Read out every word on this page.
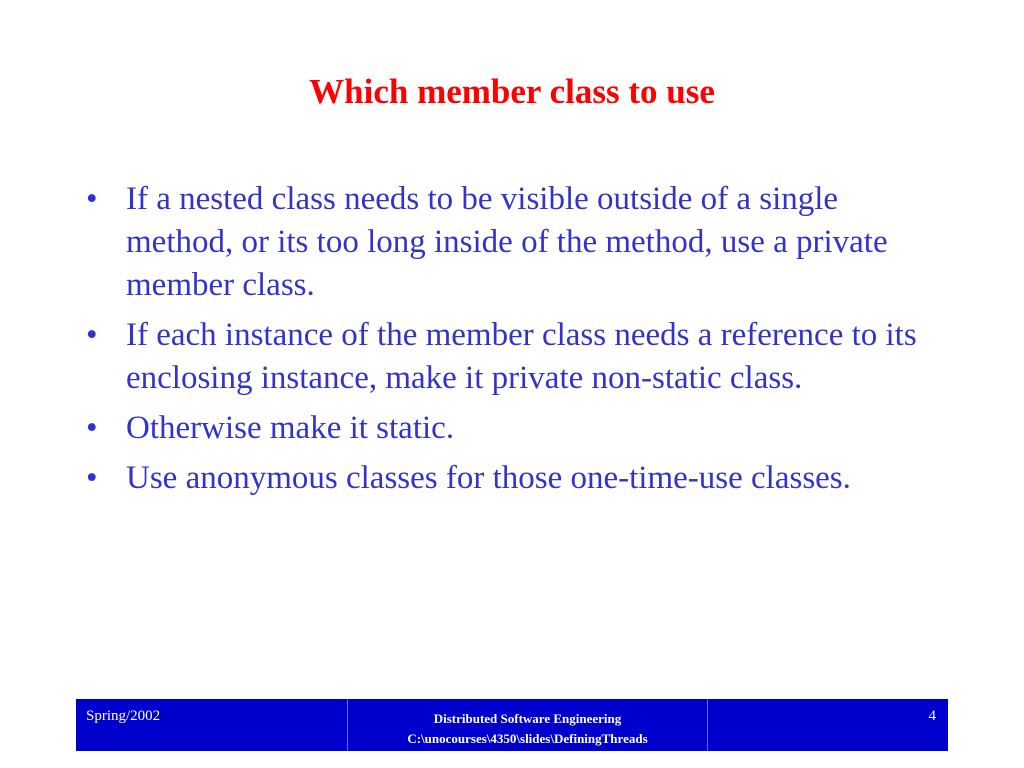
Which member class to use
• If a nested class needs to be visible outside of a single method, or its too long inside of the method, use a private member class.
• If each instance of the member class needs a reference to its enclosing instance, make it private non-static class.
• Otherwise make it static.
• Use anonymous classes for those one-time-use classes.
Spring/2002	Distributed Software Engineering
C:\unocourses\4350\slides\DefiningThreads
4
